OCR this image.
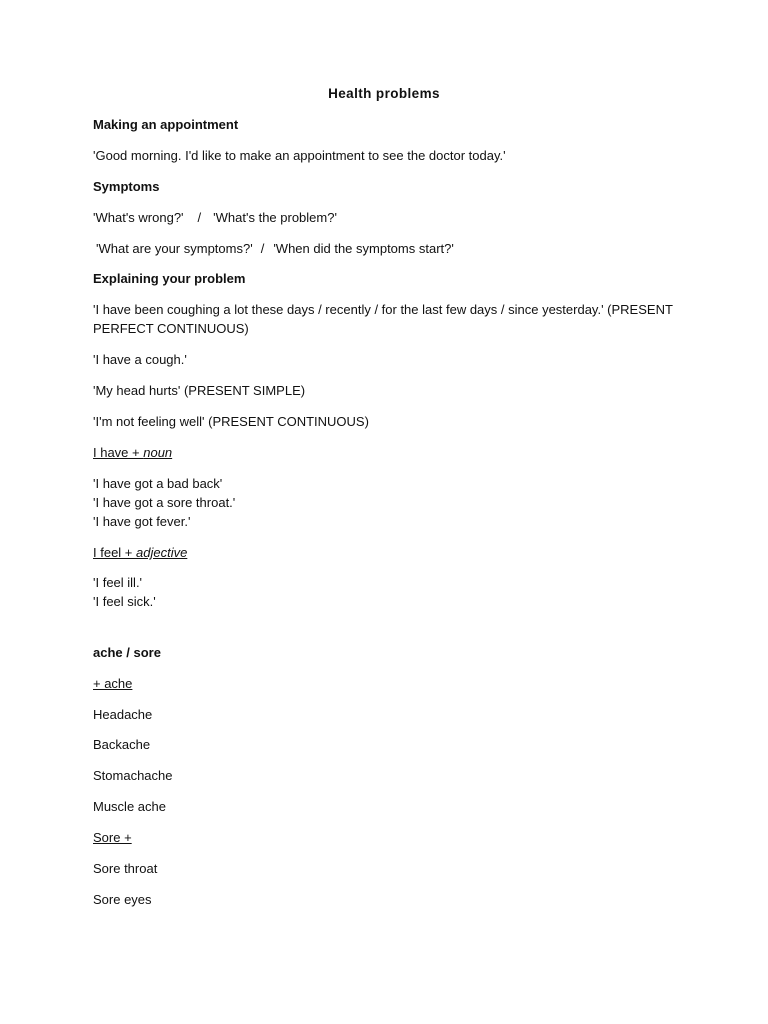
Health problems
Making an appointment
'Good morning. I'd like to make an appointment to see the doctor today.'
Symptoms
'What's wrong?' / 'What's the problem?'
'What are your symptoms?' / 'When did the symptoms start?'
Explaining your problem
'I have been coughing a lot these days / recently / for the last few days / since yesterday.' (PRESENT
PERFECT CONTINUOUS)
'I have a cough.'
'My head hurts' (PRESENT SIMPLE)
'I'm not feeling well' (PRESENT CONTINUOUS)
I have + noun
'I have got a bad back'
'I have got a sore throat.'
'I have got fever.'
I feel + adjective
'I feel ill.'
'I feel sick.'
ache / sore
+ ache
Headache
Backache
Stomachache
Muscle ache
Sore +
Sore throat
Sore eyes
